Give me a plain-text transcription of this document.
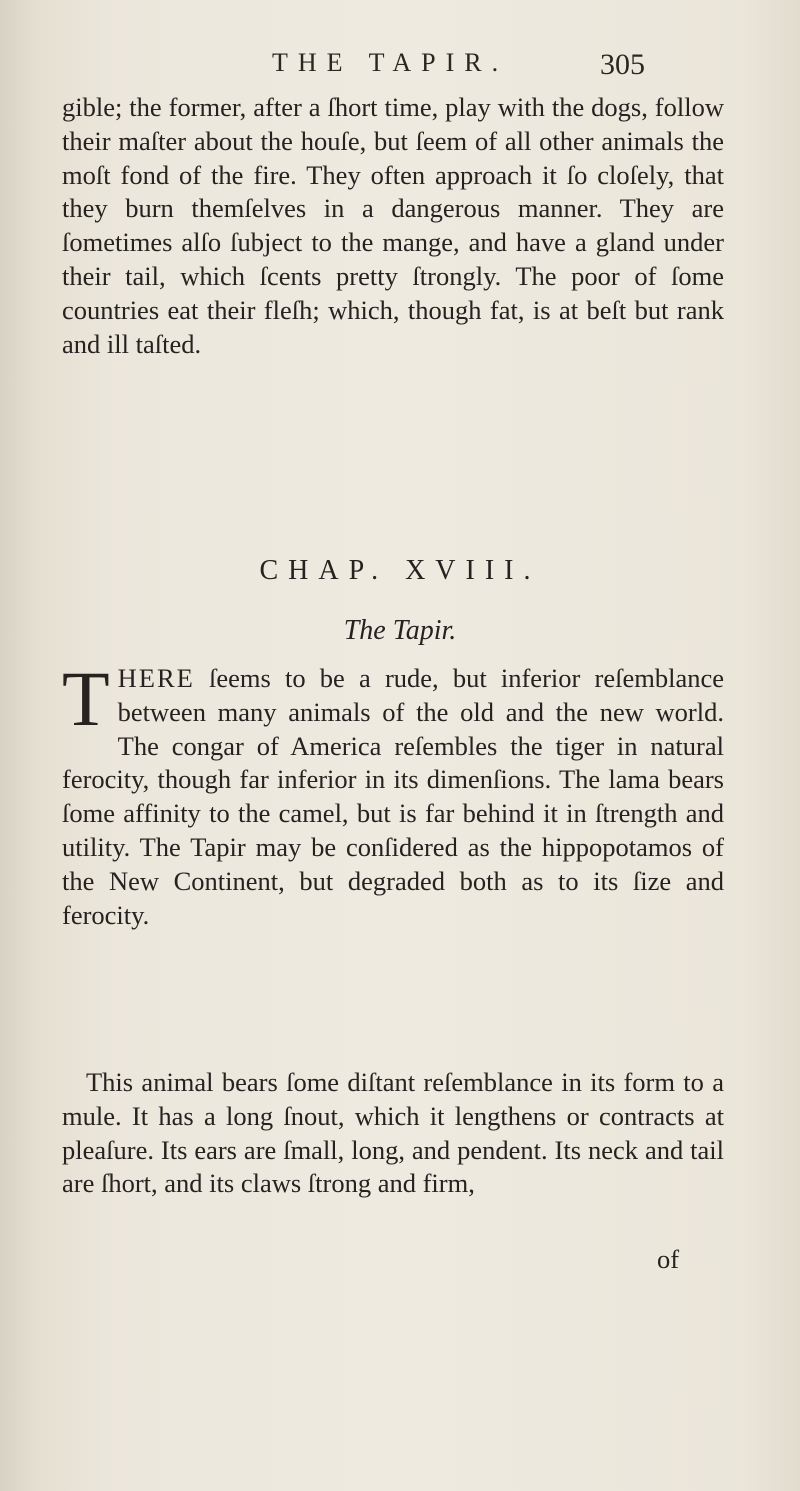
THE TAPIR.	305
gible; the former, after a ſhort time, play with the dogs, follow their maſter about the houſe, but ſeem of all other animals the moſt fond of the fire. They often approach it ſo cloſely, that they burn themſelves in a dangerous manner. They are ſometimes alſo ſubject to the mange, and have a gland under their tail, which ſcents pretty ſtrongly. The poor of ſome countries eat their fleſh; which, though fat, is at beſt but rank and ill taſted.
CHAP. XVIII.
The Tapir.
THERE ſeems to be a rude, but inferior reſemblance between many animals of the old and the new world. The congar of America reſembles the tiger in natural ferocity, though far inferior in its dimenſions. The lama bears ſome affinity to the camel, but is far behind it in ſtrength and utility. The Tapir may be conſidered as the hippopotamos of the New Continent, but degraded both as to its ſize and ferocity.
This animal bears ſome diſtant reſemblance in its form to a mule. It has a long ſnout, which it lengthens or contracts at pleaſure. Its ears are ſmall, long, and pendent. Its neck and tail are ſhort, and its claws ſtrong and firm,
of
